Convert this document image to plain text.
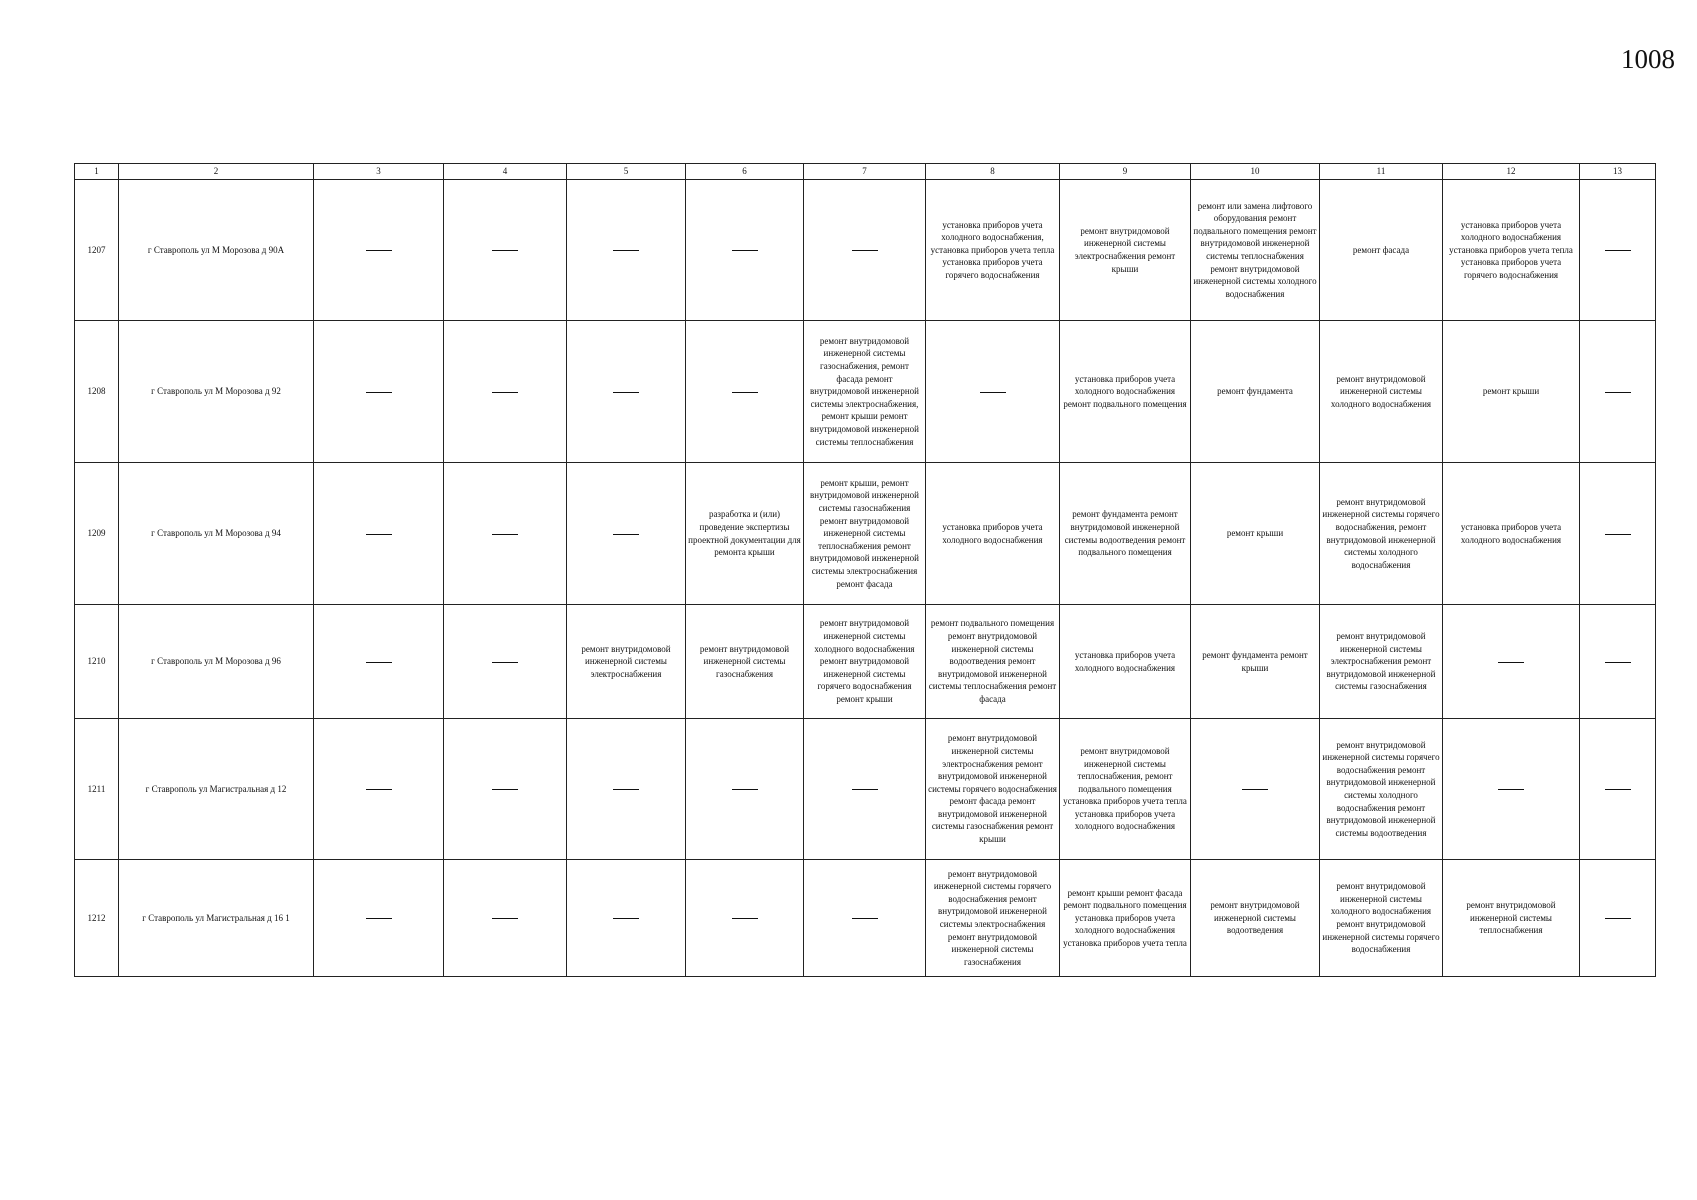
1008
1	2	3	4	5	6	7	8	9	10	11	12	13
1207	г Ставрополь ул М Морозова д 90А						установка приборов учета холодного водоснабжения, установка приборов учета тепла установка приборов учета горячего водоснабжения	ремонт внутридомовой инженерной системы электроснабжения ремонт крыши	ремонт или замена лифтового оборудования ремонт подвального помещения ремонт внутридомовой инженерной системы теплоснабжения ремонт внутридомовой инженерной системы холодного водоснабжения	ремонт фасада	установка приборов учета холодного водоснабжения установка приборов учета тепла установка приборов учета горячего водоснабжения	
1208	г Ставрополь ул М Морозова д 92					ремонт внутридомовой инженерной системы газоснабжения, ремонт фасада ремонт внутридомовой инженерной системы электроснабжения, ремонт крыши ремонт внутридомовой инженерной системы теплоснабжения		установка приборов учета холодного водоснабжения ремонт подвального помещения	ремонт фундамента	ремонт внутридомовой инженерной системы холодного водоснабжения	ремонт крыши	
1209	г Ставрополь ул М Морозова д 94				разработка и (или) проведение экспертизы проектной документации для ремонта крыши	ремонт крыши, ремонт внутридомовой инженерной системы газоснабжения ремонт внутридомовой инженерной системы теплоснабжения ремонт внутридомовой инженерной системы электроснабжения ремонт фасада	установка приборов учета холодного водоснабжения	ремонт фундамента ремонт внутридомовой инженерной системы водоотведения ремонт подвального помещения	ремонт крыши	ремонт внутридомовой инженерной системы горячего водоснабжения, ремонт внутридомовой инженерной системы холодного водоснабжения	установка приборов учета холодного водоснабжения	
1210	г Ставрополь ул М Морозова д 96			ремонт внутридомовой инженерной системы электроснабжения	ремонт внутридомовой инженерной системы газоснабжения	ремонт внутридомовой инженерной системы холодного водоснабжения ремонт внутридомовой инженерной системы горячего водоснабжения ремонт крыши	ремонт подвального помещения ремонт внутридомовой инженерной системы водоотведения ремонт внутридомовой инженерной системы теплоснабжения ремонт фасада	установка приборов учета холодного водоснабжения	ремонт фундамента ремонт крыши	ремонт внутридомовой инженерной системы электроснабжения ремонт внутридомовой инженерной системы газоснабжения		
1211	г Ставрополь ул Магистральная д 12						ремонт внутридомовой инженерной системы электроснабжения ремонт внутридомовой инженерной системы горячего водоснабжения ремонт фасада ремонт внутридомовой инженерной системы газоснабжения ремонт крыши	ремонт внутридомовой инженерной системы теплоснабжения, ремонт подвального помещения установка приборов учета тепла установка приборов учета холодного водоснабжения		ремонт внутридомовой инженерной системы горячего водоснабжения ремонт внутридомовой инженерной системы холодного водоснабжения ремонт внутридомовой инженерной системы водоотведения		
1212	г Ставрополь ул Магистральная д 16 1						ремонт внутридомовой инженерной системы горячего водоснабжения ремонт внутридомовой инженерной системы электроснабжения ремонт внутридомовой инженерной системы газоснабжения	ремонт крыши ремонт фасада ремонт подвального помещения установка приборов учета холодного водоснабжения установка приборов учета тепла	ремонт внутридомовой инженерной системы водоотведения	ремонт внутридомовой инженерной системы холодного водоснабжения ремонт внутридомовой инженерной системы горячего водоснабжения	ремонт внутридомовой инженерной системы теплоснабжения	
